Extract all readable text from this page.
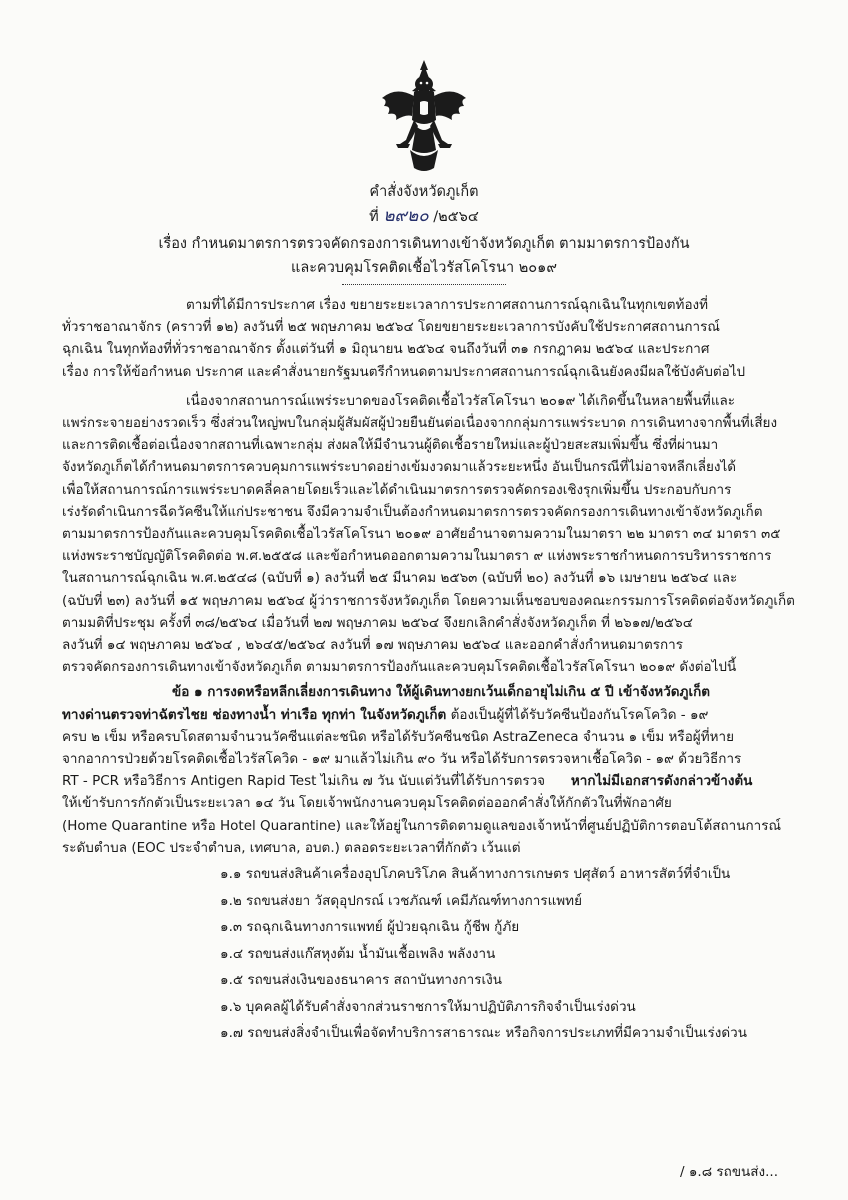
คำสั่งจังหวัดภูเก็ต
ที่ ๒๙๒๐ /๒๕๖๔
เรื่อง กำหนดมาตรการตรวจคัดกรองการเดินทางเข้าจังหวัดภูเก็ต ตามมาตรการป้องกัน
และควบคุมโรคติดเชื้อไวรัสโคโรนา ๒๐๑๙

ตามที่ได้มีการประกาศ เรื่อง ขยายระยะเวลาการประกาศสถานการณ์ฉุกเฉินในทุกเขตท้องที่

ทั่วราชอาณาจักร (คราวที่ ๑๒) ลงวันที่ ๒๕ พฤษภาคม ๒๕๖๔ โดยขยายระยะเวลาการบังคับใช้ประกาศสถานการณ์

ฉุกเฉิน ในทุกท้องที่ทั่วราชอาณาจักร ตั้งแต่วันที่ ๑ มิถุนายน ๒๕๖๔ จนถึงวันที่ ๓๑ กรกฎาคม ๒๕๖๔ และประกาศ

เรื่อง การให้ข้อกำหนด ประกาศ และคำสั่งนายกรัฐมนตรีกำหนดตามประกาศสถานการณ์ฉุกเฉินยังคงมีผลใช้บังคับต่อไป

เนื่องจากสถานการณ์แพร่ระบาดของโรคติดเชื้อไวรัสโคโรนา ๒๐๑๙ ได้เกิดขึ้นในหลายพื้นที่และ

แพร่กระจายอย่างรวดเร็ว ซึ่งส่วนใหญ่พบในกลุ่มผู้สัมผัสผู้ป่วยยืนยันต่อเนื่องจากกลุ่มการแพร่ระบาด การเดินทางจากพื้นที่เสี่ยง

และการติดเชื้อต่อเนื่องจากสถานที่เฉพาะกลุ่ม ส่งผลให้มีจำนวนผู้ติดเชื้อรายใหม่และผู้ป่วยสะสมเพิ่มขึ้น ซึ่งที่ผ่านมา

จังหวัดภูเก็ตได้กำหนดมาตรการควบคุมการแพร่ระบาดอย่างเข้มงวดมาแล้วระยะหนึ่ง อันเป็นกรณีที่ไม่อาจหลีกเลี่ยงได้

เพื่อให้สถานการณ์การแพร่ระบาดคลี่คลายโดยเร็วและได้ดำเนินมาตรการตรวจคัดกรองเชิงรุกเพิ่มขึ้น ประกอบกับการ

เร่งรัดดำเนินการฉีดวัคซีนให้แก่ประชาชน จึงมีความจำเป็นต้องกำหนดมาตรการตรวจคัดกรองการเดินทางเข้าจังหวัดภูเก็ต

ตามมาตรการป้องกันและควบคุมโรคติดเชื้อไวรัสโคโรนา ๒๐๑๙ อาศัยอำนาจตามความในมาตรา ๒๒ มาตรา ๓๔ มาตรา ๓๕

แห่งพระราชบัญญัติโรคติดต่อ พ.ศ.๒๕๕๘ และข้อกำหนดออกตามความในมาตรา ๙ แห่งพระราชกำหนดการบริหารราชการ

ในสถานการณ์ฉุกเฉิน พ.ศ.๒๕๔๘ (ฉบับที่ ๑) ลงวันที่ ๒๕ มีนาคม ๒๕๖๓ (ฉบับที่ ๒๐) ลงวันที่ ๑๖ เมษายน ๒๕๖๔ และ

(ฉบับที่ ๒๓) ลงวันที่ ๑๕ พฤษภาคม ๒๕๖๔ ผู้ว่าราชการจังหวัดภูเก็ต โดยความเห็นชอบของคณะกรรมการโรคติดต่อจังหวัดภูเก็ต

ตามมติที่ประชุม ครั้งที่ ๓๘/๒๕๖๔ เมื่อวันที่ ๒๗ พฤษภาคม ๒๕๖๔ จึงยกเลิกคำสั่งจังหวัดภูเก็ต ที่ ๒๖๑๗/๒๕๖๔

ลงวันที่ ๑๔ พฤษภาคม ๒๕๖๔ , ๒๖๔๕/๒๕๖๔ ลงวันที่ ๑๗ พฤษภาคม ๒๕๖๔ และออกคำสั่งกำหนดมาตรการ

ตรวจคัดกรองการเดินทางเข้าจังหวัดภูเก็ต ตามมาตรการป้องกันและควบคุมโรคติดเชื้อไวรัสโคโรนา ๒๐๑๙ ดังต่อไปนี้

ข้อ ๑ การงดหรือหลีกเลี่ยงการเดินทาง ให้ผู้เดินทางยกเว้นเด็กอายุไม่เกิน ๕ ปี เข้าจังหวัดภูเก็ต

ทางด่านตรวจท่าฉัตรไชย ช่องทางน้ำ ท่าเรือ ทุกท่า ในจังหวัดภูเก็ต ต้องเป็นผู้ที่ได้รับวัคซีนป้องกันโรคโควิด - ๑๙

ครบ ๒ เข็ม หรือครบโดสตามจำนวนวัคซีนแต่ละชนิด หรือได้รับวัคซีนชนิด AstraZeneca จำนวน ๑ เข็ม หรือผู้ที่หาย

จากอาการป่วยด้วยโรคติดเชื้อไวรัสโควิด - ๑๙ มาแล้วไม่เกิน ๙๐ วัน หรือได้รับการตรวจหาเชื้อโควิด - ๑๙ ด้วยวิธีการ

RT - PCR หรือวิธีการ Antigen Rapid Test ไม่เกิน ๗ วัน นับแต่วันที่ได้รับการตรวจ หากไม่มีเอกสารดังกล่าวข้างต้น

ให้เข้ารับการกักตัวเป็นระยะเวลา ๑๔ วัน โดยเจ้าพนักงานควบคุมโรคติดต่อออกคำสั่งให้กักตัวในที่พักอาศัย

(Home Quarantine หรือ Hotel Quarantine) และให้อยู่ในการติดตามดูแลของเจ้าหน้าที่ศูนย์ปฏิบัติการตอบโต้สถานการณ์

ระดับตำบล (EOC ประจำตำบล, เทศบาล, อบต.) ตลอดระยะเวลาที่กักตัว เว้นแต่

๑.๑ รถขนส่งสินค้าเครื่องอุปโภคบริโภค สินค้าทางการเกษตร ปศุสัตว์ อาหารสัตว์ที่จำเป็น

๑.๒ รถขนส่งยา วัสดุอุปกรณ์ เวชภัณฑ์ เคมีภัณฑ์ทางการแพทย์

๑.๓ รถฉุกเฉินทางการแพทย์ ผู้ป่วยฉุกเฉิน กู้ชีพ กู้ภัย

๑.๔ รถขนส่งแก๊สหุงต้ม น้ำมันเชื้อเพลิง พลังงาน

๑.๕ รถขนส่งเงินของธนาคาร สถาบันทางการเงิน

๑.๖ บุคคลผู้ได้รับคำสั่งจากส่วนราชการให้มาปฏิบัติภารกิจจำเป็นเร่งด่วน

๑.๗ รถขนส่งสิ่งจำเป็นเพื่อจัดทำบริการสาธารณะ หรือกิจการประเภทที่มีความจำเป็นเร่งด่วน

/ ๑.๘ รถขนส่ง...
